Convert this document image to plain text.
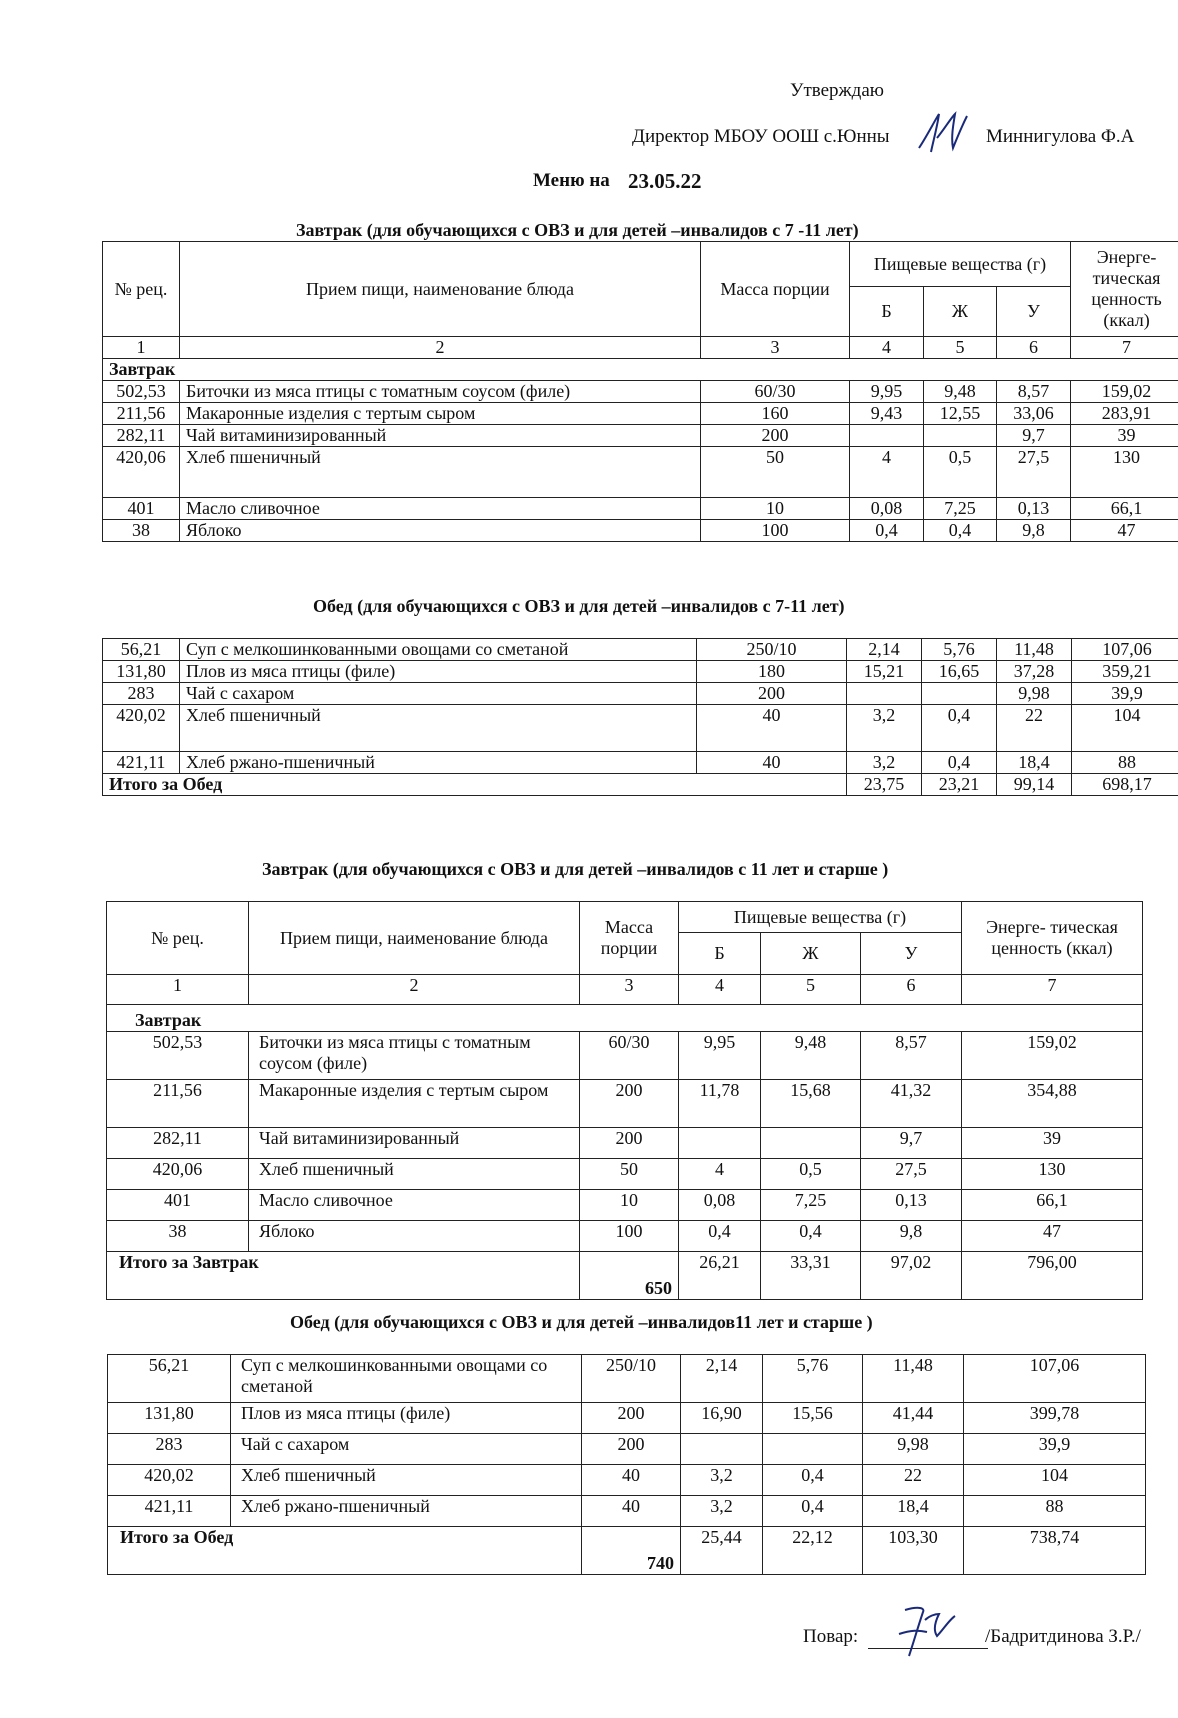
Утверждаю
Директор МБОУ ООШ с.Юнны	Миннигулова Ф.А
Меню на 23.05.22
Завтрак (для обучающихся с ОВЗ и для детей –инвалидов с 7 -11 лет)
№ рец.	Прием пищи, наименование блюда	Масса порции	Пищевые вещества (г)			Энерге-тическая ценность (ккал)
			Б	Ж	У	
1	2	3	4	5	6	7
Завтрак						
502,53	Биточки из мяса птицы с томатным соусом (филе)	60/30	9,95	9,48	8,57	159,02
211,56	Макаронные изделия с тертым сыром	160	9,43	12,55	33,06	283,91
282,11	Чай витаминизированный	200			9,7	39
420,06	Хлеб пшеничный	50	4	0,5	27,5	130
401	Масло сливочное	10	0,08	7,25	0,13	66,1
38	Яблоко	100	0,4	0,4	9,8	47
Обед (для обучающихся с ОВЗ и для детей –инвалидов с 7-11 лет)
56,21	Суп с мелкошинкованными овощами со сметаной	250/10	2,14	5,76	11,48	107,06
131,80	Плов из мяса птицы (филе)	180	15,21	16,65	37,28	359,21
283	Чай с сахаром	200			9,98	39,9
420,02	Хлеб пшеничный	40	3,2	0,4	22	104
421,11	Хлеб ржано-пшеничный	40	3,2	0,4	18,4	88
Итого за Обед			23,75	23,21	99,14	698,17
Завтрак (для обучающихся с ОВЗ и для детей –инвалидов с 11 лет и старше )
№ рец.	Прием пищи, наименование блюда	Масса порции	Пищевые вещества (г)			Энерге- тическая ценность (ккал)
			Б	Ж	У	
1	2	3	4	5	6	7
Завтрак						
502,53	Биточки из мяса птицы с томатным соусом (филе)	60/30	9,95	9,48	8,57	159,02
211,56	Макаронные изделия с тертым сыром	200	11,78	15,68	41,32	354,88
282,11	Чай витаминизированный	200			9,7	39
420,06	Хлеб пшеничный	50	4	0,5	27,5	130
401	Масло сливочное	10	0,08	7,25	0,13	66,1
38	Яблоко	100	0,4	0,4	9,8	47
Итого за Завтрак		650	26,21	33,31	97,02	796,00
Обед (для обучающихся с ОВЗ и для детей –инвалидов11 лет и старше )
56,21	Суп с мелкошинкованными овощами со сметаной	250/10	2,14	5,76	11,48	107,06
131,80	Плов из мяса птицы (филе)	200	16,90	15,56	41,44	399,78
283	Чай с сахаром	200			9,98	39,9
420,02	Хлеб пшеничный	40	3,2	0,4	22	104
421,11	Хлеб ржано-пшеничный	40	3,2	0,4	18,4	88
Итого за Обед		740	25,44	22,12	103,30	738,74
Повар:	/Бадритдинова З.Р./
